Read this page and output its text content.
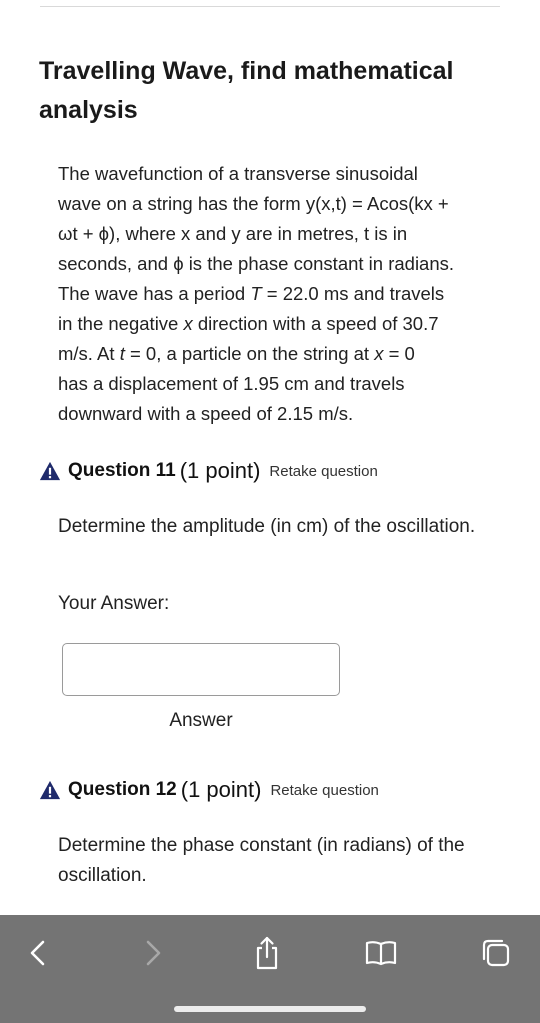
Travelling Wave, find mathematical analysis
The wavefunction of a transverse sinusoidal
wave on a string has the form y(x,t) = Acos(kx +
ωt + ϕ), where x and y are in metres, t is in
seconds, and ϕ is the phase constant in radians.
The wave has a period T = 22.0 ms and travels
in the negative x direction with a speed of 30.7
m/s. At t = 0, a particle on the string at x = 0
has a displacement of 1.95 cm and travels
downward with a speed of 2.15 m/s.
Question 11 (1 point) Retake question
Determine the amplitude (in cm) of the oscillation.
Your Answer:
Answer
Question 12 (1 point) Retake question
Determine the phase constant (in radians) of the oscillation.
